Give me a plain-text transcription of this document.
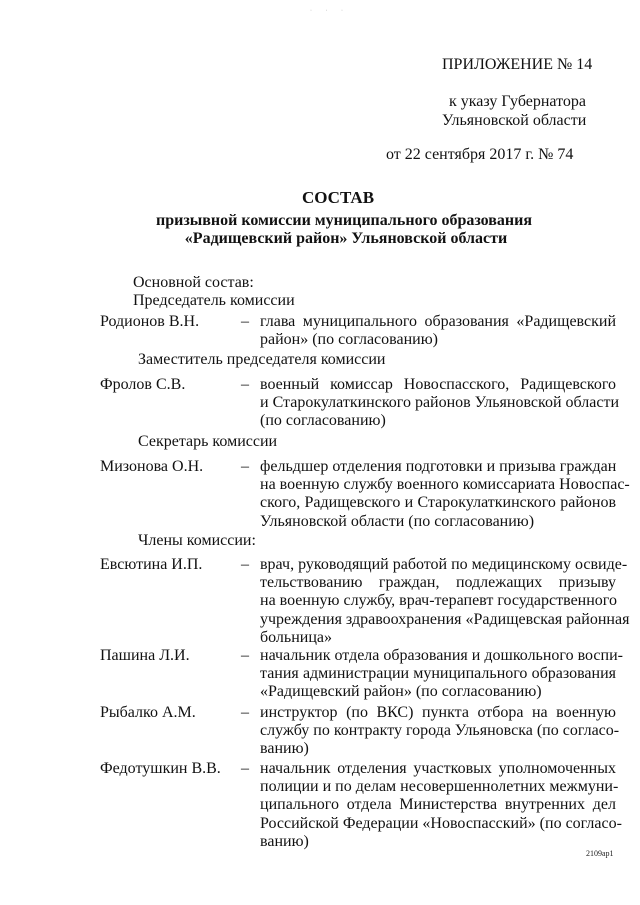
· · ·
ПРИЛОЖЕНИЕ № 14
к указу Губернатора
Ульяновской области
от 22 сентября 2017 г. № 74
СОСТАВ
призывной комиссии муниципального образования
«Радищевский район» Ульяновской области
Основной состав:
Председатель комиссии
Родионов В.Н.	– глава муниципального образования «Радищевский
район» (по согласованию)
Заместитель председателя комиссии
Фролов С.В.	– военный комиссар Новоспасского, Радищевского
и Старокулаткинского районов Ульяновской области
(по согласованию)
Секретарь комиссии
Мизонова О.Н. – фельдшер отделения подготовки и призыва граждан
на военную службу военного комиссариата Новоспас-
ского, Радищевского и Старокулаткинского районов
Ульяновской области (по согласованию)
Члены комиссии:
Евсютина И.П. – врач, руководящий работой по медицинскому освиде-
тельствованию граждан, подлежащих призыву
на военную службу, врач-терапевт государственного
учреждения здравоохранения «Радищевская районная
больница»
Пашина Л.И.	– начальник отдела образования и дошкольного воспи-
тания администрации муниципального образования
«Радищевский район» (по согласованию)
Рыбалко А.М.	– инструктор (по ВКС) пункта отбора на военную
службу по контракту города Ульяновска (по согласо-
ванию)
Федотушкин В.В. – начальник отделения участковых уполномоченных
полиции и по делам несовершеннолетних межмуни-
ципального отдела Министерства внутренних дел
Российской Федерации «Новоспасский» (по согласо-
ванию)
2109ap1
